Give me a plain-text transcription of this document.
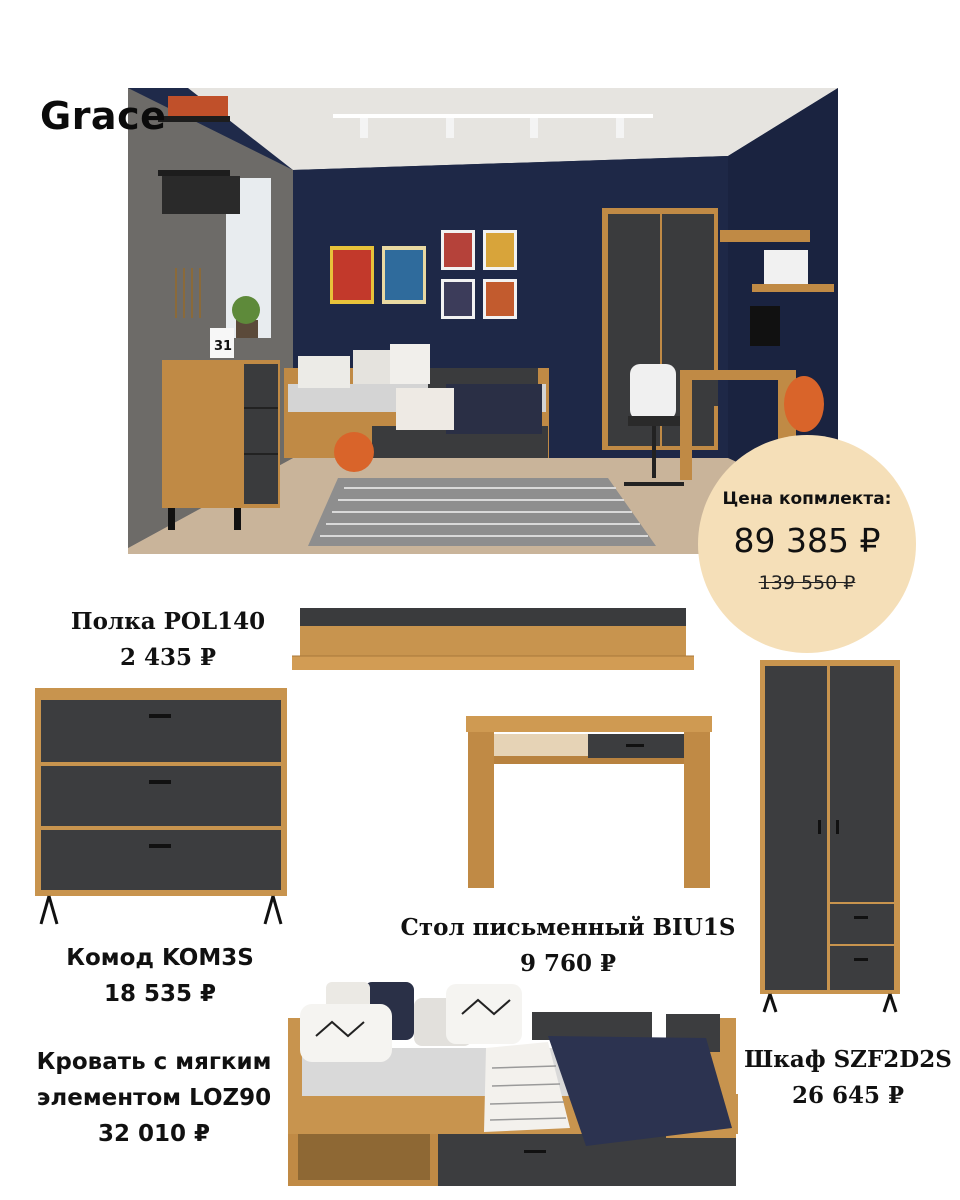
Grace
31
Цена копмлекта:
89 385 ₽
139 550 ₽
Полка POL140
2 435 ₽
Комод KOM3S
18 535 ₽
Стол письменный BIU1S
9 760 ₽
Шкаф SZF2D2S
26 645 ₽
Кровать с мягким
элементом LOZ90
32 010 ₽
